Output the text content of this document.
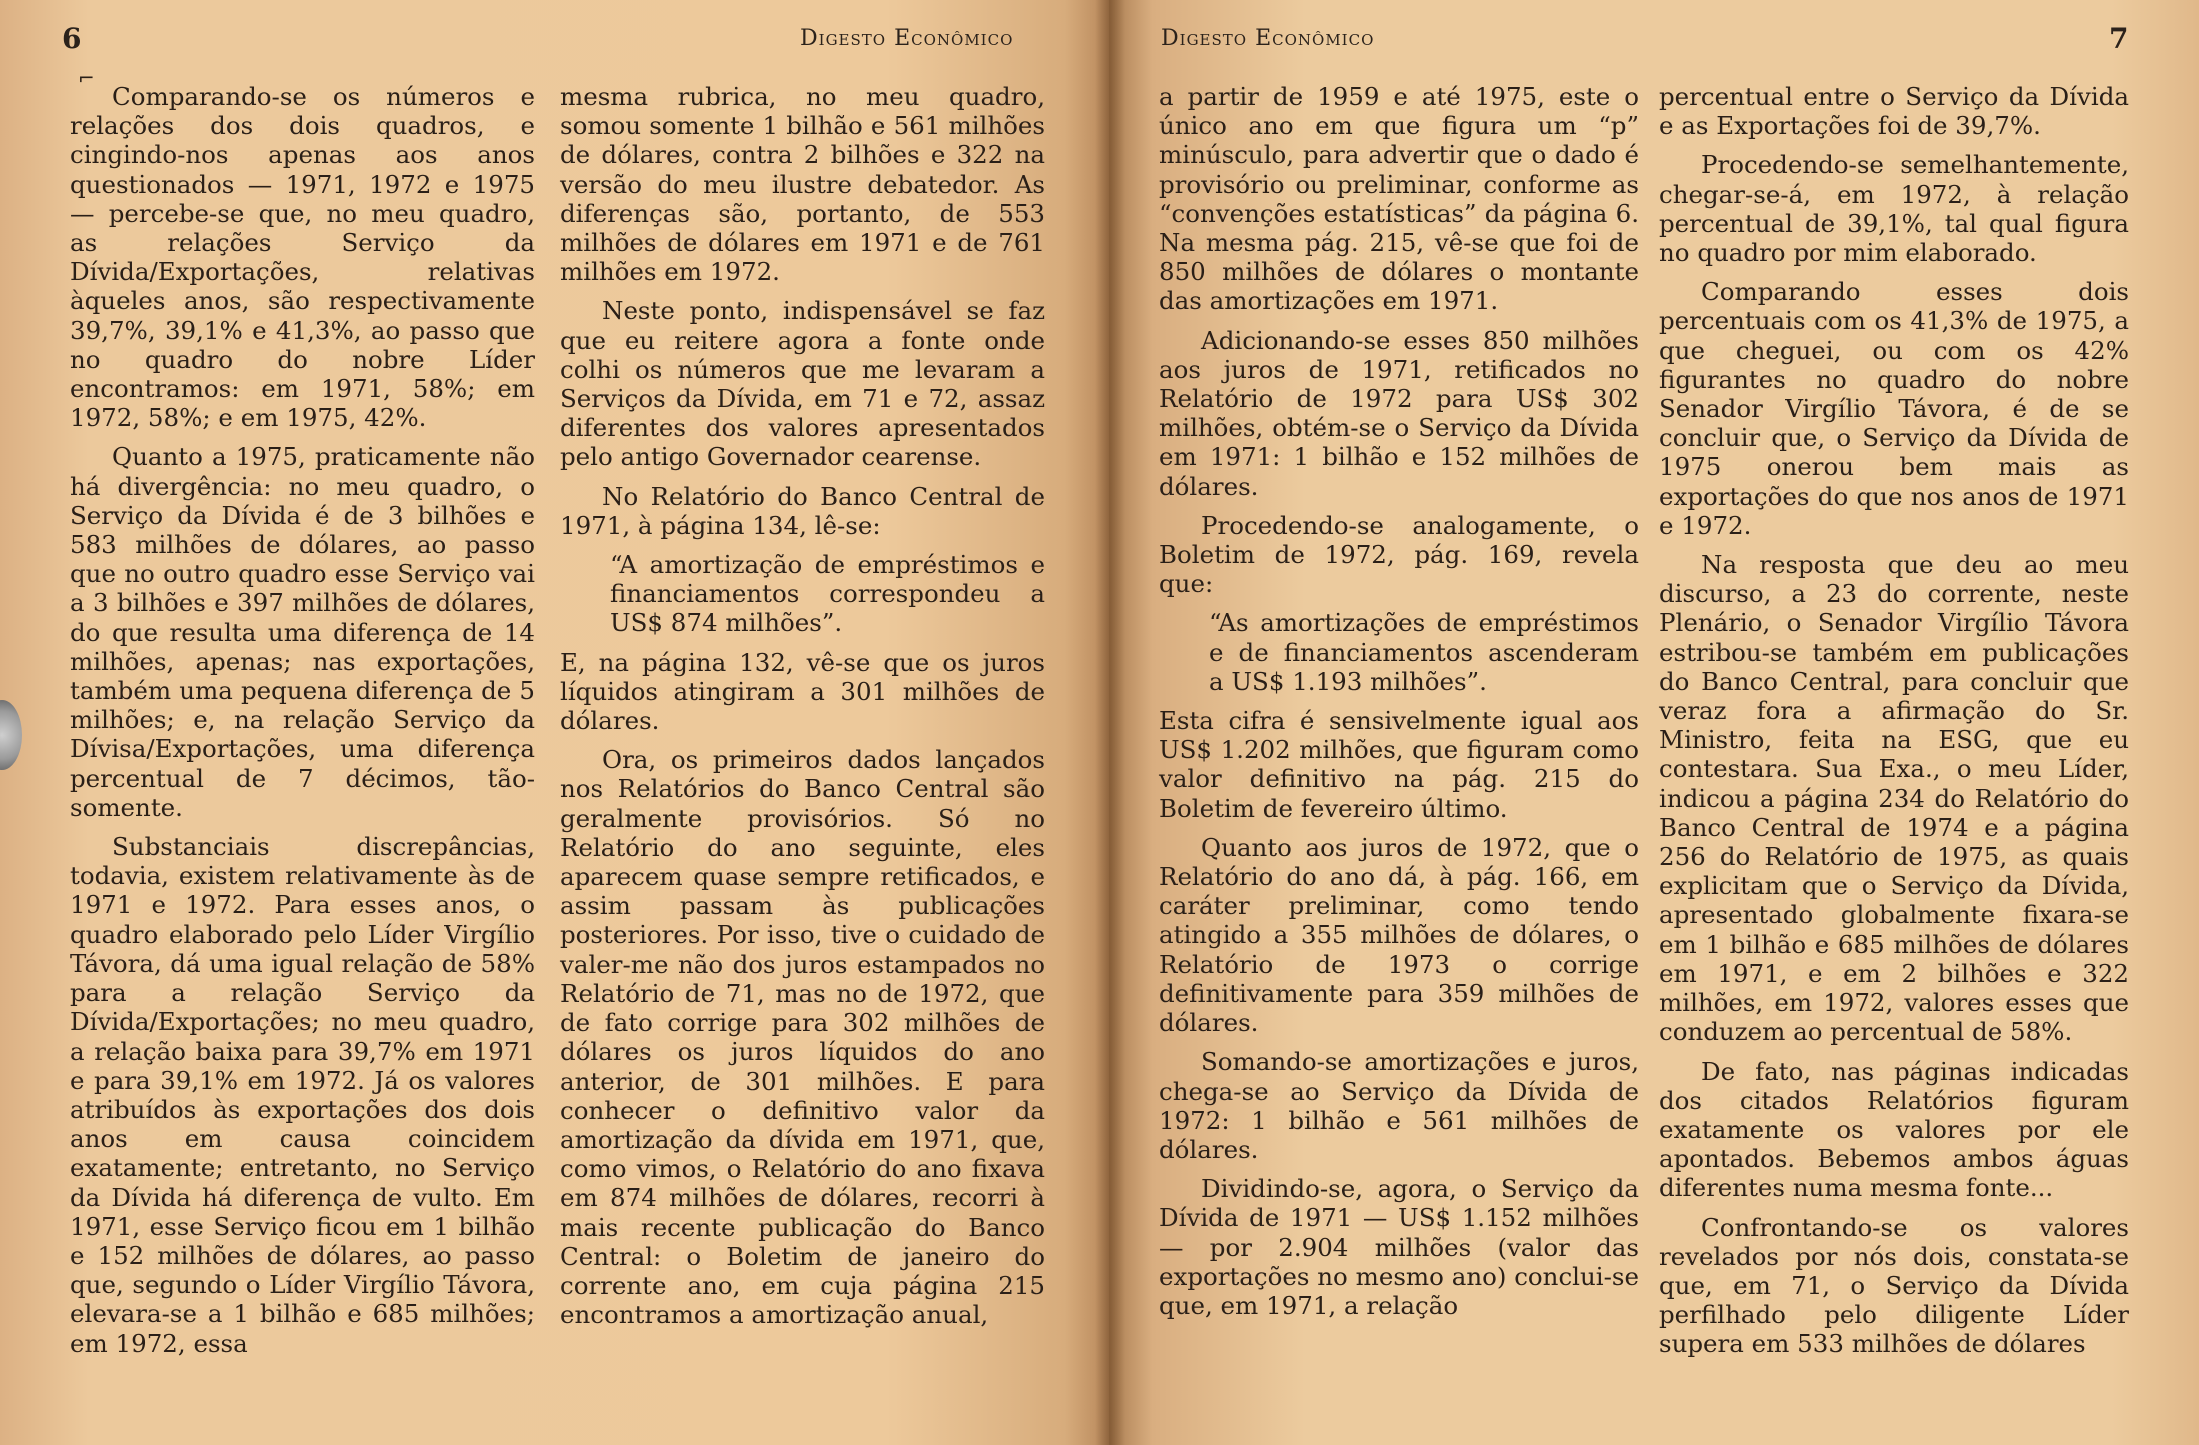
6	Digesto Econômico
⌐

Comparando-se os números e relações dos dois quadros, e cingindo-nos apenas aos anos questionados — 1971, 1972 e 1975 — percebe-se que, no meu quadro, as relações Serviço da Dívida/Exportações, relativas àqueles anos, são respectivamente 39,7%, 39,1% e 41,3%, ao passo que no quadro do nobre Líder encontramos: em 1971, 58%; em 1972, 58%; e em 1975, 42%.

Quanto a 1975, praticamente não há divergência: no meu quadro, o Serviço da Dívida é de 3 bilhões e 583 milhões de dólares, ao passo que no outro quadro esse Serviço vai a 3 bilhões e 397 milhões de dólares, do que resulta uma diferença de 14 milhões, apenas; nas exportações, também uma pequena diferença de 5 milhões; e, na relação Serviço da Dívisa/Exportações, uma diferença percentual de 7 décimos, tão-somente.

Substanciais discrepâncias, todavia, existem relativamente às de 1971 e 1972. Para esses anos, o quadro elaborado pelo Líder Virgílio Távora, dá uma igual relação de 58% para a relação Serviço da Dívida/Exportações; no meu quadro, a relação baixa para 39,7% em 1971 e para 39,1% em 1972. Já os valores atribuídos às exportações dos dois anos em causa coincidem exatamente; entretanto, no Serviço da Dívida há diferença de vulto. Em 1971, esse Serviço ficou em 1 bilhão e 152 milhões de dólares, ao passo que, segundo o Líder Virgílio Távora, elevara-se a 1 bilhão e 685 milhões; em 1972, essa

mesma rubrica, no meu quadro, somou somente 1 bilhão e 561 milhões de dólares, contra 2 bilhões e 322 na versão do meu ilustre debatedor. As diferenças são, portanto, de 553 milhões de dólares em 1971 e de 761 milhões em 1972.

Neste ponto, indispensável se faz que eu reitere agora a fonte onde colhi os números que me levaram a Serviços da Dívida, em 71 e 72, assaz diferentes dos valores apresentados pelo antigo Governador cearense.

No Relatório do Banco Central de 1971, à página 134, lê-se:

“A amortização de empréstimos e financiamentos correspondeu a US$ 874 milhões”.

E, na página 132, vê-se que os juros líquidos atingiram a 301 milhões de dólares.

Ora, os primeiros dados lançados nos Relatórios do Banco Central são geralmente provisórios. Só no Relatório do ano seguinte, eles aparecem quase sempre retificados, e assim passam às publicações posteriores. Por isso, tive o cuidado de valer-me não dos juros estampados no Relatório de 71, mas no de 1972, que de fato corrige para 302 milhões de dólares os juros líquidos do ano anterior, de 301 milhões. E para conhecer o definitivo valor da amortização da dívida em 1971, que, como vimos, o Relatório do ano fixava em 874 milhões de dólares, recorri à mais recente publicação do Banco Central: o Boletim de janeiro do corrente ano, em cuja página 215 encontramos a amortização anual,

Digesto Econômico	7

a partir de 1959 e até 1975, este o único ano em que figura um “p” minúsculo, para advertir que o dado é provisório ou preliminar, conforme as “convenções estatísticas” da página 6. Na mesma pág. 215, vê-se que foi de 850 milhões de dólares o montante das amortizações em 1971.

Adicionando-se esses 850 milhões aos juros de 1971, retificados no Relatório de 1972 para US$ 302 milhões, obtém-se o Serviço da Dívida em 1971: 1 bilhão e 152 milhões de dólares.

Procedendo-se analogamente, o Boletim de 1972, pág. 169, revela que:

“As amortizações de empréstimos e de financiamentos ascenderam a US$ 1.193 milhões”.

Esta cifra é sensivelmente igual aos US$ 1.202 milhões, que figuram como valor definitivo na pág. 215 do Boletim de fevereiro último.

Quanto aos juros de 1972, que o Relatório do ano dá, à pág. 166, em caráter preliminar, como tendo atingido a 355 milhões de dólares, o Relatório de 1973 o corrige definitivamente para 359 milhões de dólares.

Somando-se amortizações e juros, chega-se ao Serviço da Dívida de 1972: 1 bilhão e 561 milhões de dólares.

Dividindo-se, agora, o Serviço da Dívida de 1971 — US$ 1.152 milhões — por 2.904 milhões (valor das exportações no mesmo ano) conclui-se que, em 1971, a relação

percentual entre o Serviço da Dívida e as Exportações foi de 39,7%.

Procedendo-se semelhantemente, chegar-se-á, em 1972, à relação percentual de 39,1%, tal qual figura no quadro por mim elaborado.

Comparando esses dois percentuais com os 41,3% de 1975, a que cheguei, ou com os 42% figurantes no quadro do nobre Senador Virgílio Távora, é de se concluir que, o Serviço da Dívida de 1975 onerou bem mais as exportações do que nos anos de 1971 e 1972.

Na resposta que deu ao meu discurso, a 23 do corrente, neste Plenário, o Senador Virgílio Távora estribou-se também em publicações do Banco Central, para concluir que veraz fora a afirmação do Sr. Ministro, feita na ESG, que eu contestara. Sua Exa., o meu Líder, indicou a página 234 do Relatório do Banco Central de 1974 e a página 256 do Relatório de 1975, as quais explicitam que o Serviço da Dívida, apresentado globalmente fixara-se em 1 bilhão e 685 milhões de dólares em 1971, e em 2 bilhões e 322 milhões, em 1972, valores esses que conduzem ao percentual de 58%.

De fato, nas páginas indicadas dos citados Relatórios figuram exatamente os valores por ele apontados. Bebemos ambos águas diferentes numa mesma fonte...

Confrontando-se os valores revelados por nós dois, constata-se que, em 71, o Serviço da Dívida perfilhado pelo diligente Líder supera em 533 milhões de dólares
